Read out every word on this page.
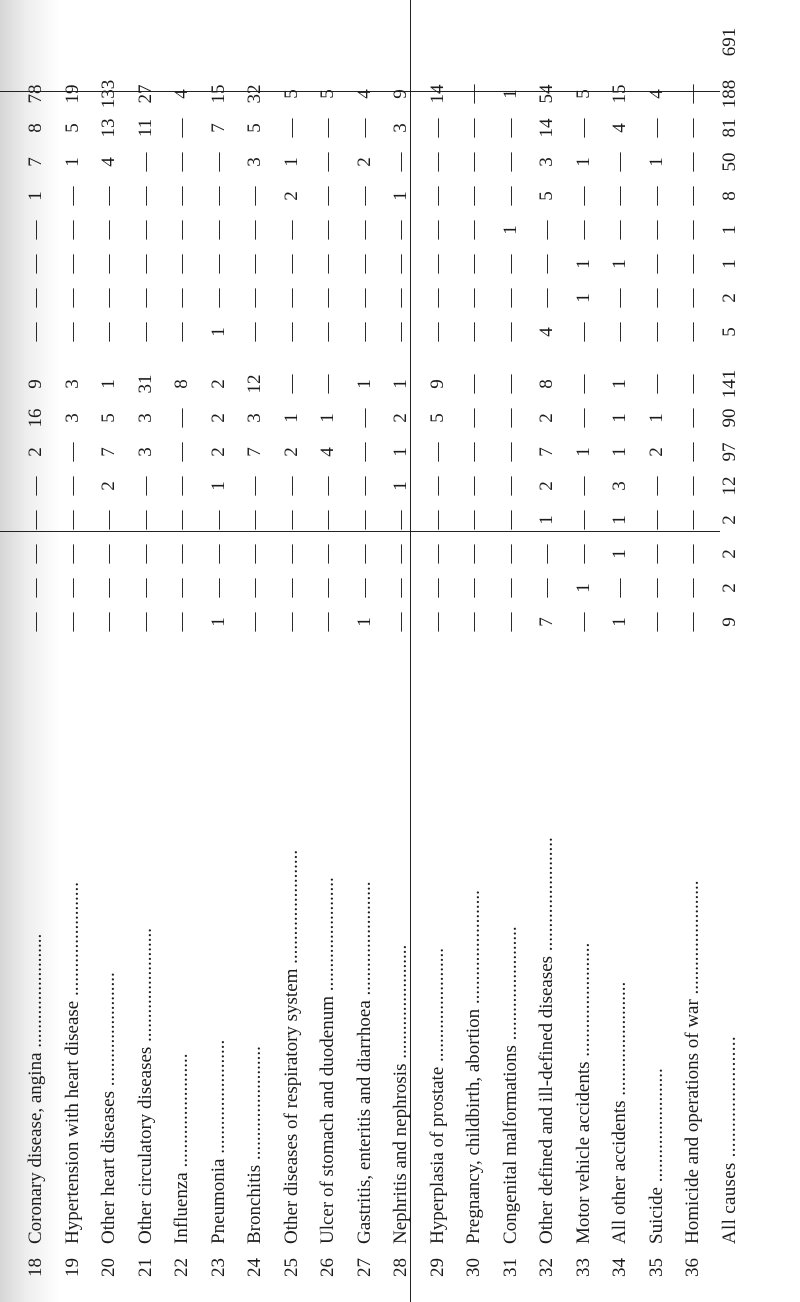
18
Coronary disease, angina ........................
—
—
—
—
—
2
16
9
—
—
—
—
1
7
8
78
19
Hypertension with heart disease ........................
—
—
—
—
—
—
3
3
—
—
—
—
—
1
5
19
20
Other heart diseases ........................
—
—
—
—
2
7
5
1
—
—
—
—
—
4
13
133
21
Other circulatory diseases ........................
—
—
—
—
—
3
3
31
—
—
—
—
—
—
11
27
22
Influenza ........................
—
—
—
—
—
—
—
8
—
—
—
—
—
—
—
4
23
Pneumonia ........................
1
—
—
—
1
2
2
2
1
—
—
—
—
—
7
15
24
Bronchitis ........................
—
—
—
—
—
7
3
12
—
—
—
—
—
3
5
32
25
Other diseases of respiratory system ........................
—
—
—
—
—
2
1
—
—
—
—
—
2
1
—
5
26
Ulcer of stomach and duodenum ........................
—
—
—
—
—
4
1
—
—
—
—
—
—
—
—
5
27
Gastritis, enteritis and diarrhoea ........................
1
—
—
—
—
—
—
1
—
—
—
—
—
2
—
4
28
Nephritis and nephrosis ........................
—
—
—
—
1
1
2
1
—
—
—
—
1
—
3
9
29
Hyperplasia of prostate ........................
—
—
—
—
—
—
5
9
—
—
—
—
—
—
—
14
30
Pregnancy, childbirth, abortion ........................
—
—
—
—
—
—
—
—
—
—
—
—
—
—
—
—
31
Congenital malformations ........................
—
—
—
—
—
—
—
—
—
—
—
1
—
—
—
1
32
Other defined and ill-defined diseases ........................
7
—
—
1
2
7
2
8
4
—
—
—
5
3
14
54
33
Motor vehicle accidents ........................
—
1
—
—
—
1
—
—
—
1
1
—
—
1
—
5
34
All other accidents ........................
1
—
1
1
3
1
1
1
—
—
1
—
—
—
4
15
35
Suicide ........................
—
—
—
—
—
2
1
—
—
—
—
—
—
1
—
4
36
Homicide and operations of war ........................
—
—
—
—
—
—
—
—
—
—
—
—
—
—
—
—
All causes ........................
9
2
2
2
12
97
90
141
5
2
1
1
8
50
81
188
691
